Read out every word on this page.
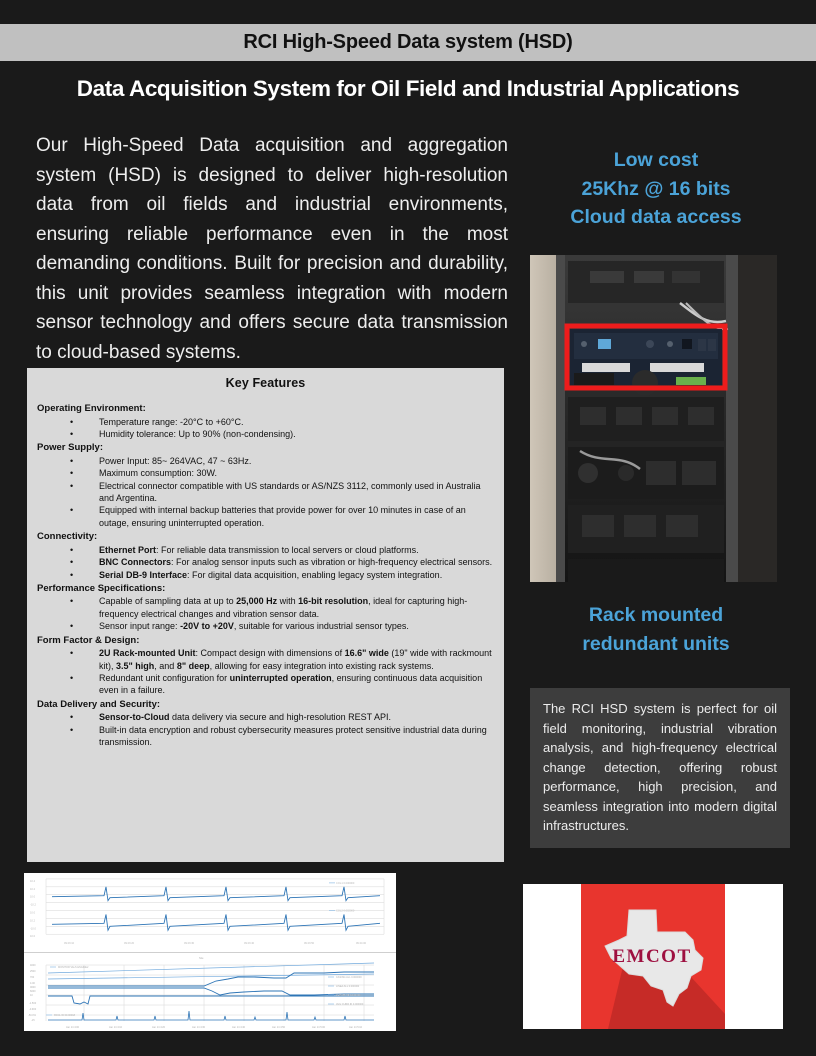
RCI High-Speed Data system (HSD)
Data Acquisition System for Oil Field and Industrial Applications
Our High-Speed Data acquisition and aggregation system (HSD) is designed to deliver high-resolution data from oil fields and industrial environments, ensuring reliable performance even in the most demanding conditions. Built for precision and durability, this unit provides seamless integration with modern sensor technology and offers secure data transmission to cloud-based systems.
Key Features
Operating Environment:
•	Temperature range: -20°C to +60°C.
•	Humidity tolerance: Up to 90% (non-condensing).
Power Supply:
•	Power Input: 85~ 264VAC, 47 ~ 63Hz.
•	Maximum consumption: 30W.
•	Electrical connector compatible with US standards or AS/NZS 3112, commonly used in Australia and Argentina.
•	Equipped with internal backup batteries that provide power for over 10 minutes in case of an outage, ensuring uninterrupted operation.
Connectivity:
•	Ethernet Port: For reliable data transmission to local servers or cloud platforms.
•	BNC Connectors: For analog sensor inputs such as vibration or high-frequency electrical sensors.
•	Serial DB-9 Interface: For digital data acquisition, enabling legacy system integration.
Performance Specifications:
•	Capable of sampling data at up to 25,000 Hz with 16-bit resolution, ideal for capturing high-frequency electrical changes and vibration sensor data.
•	Sensor input range: -20V to +20V, suitable for various industrial sensor types.
Form Factor & Design:
•	2U Rack-mounted Unit: Compact design with dimensions of 16.6" wide (19" wide with rackmount kit), 3.5" high, and 8" deep, allowing for easy integration into existing rack systems.
•	Redundant unit configuration for uninterrupted operation, ensuring continuous data acquisition even in a failure.
Data Delivery and Security:
•	Sensor-to-Cloud data delivery via secure and high-resolution REST API.
•	Built-in data encryption and robust cybersecurity measures protect sensitive industrial data during transmission.
10.4
10.2
10.0
-10.2
10.0
10.2
-10.0
10.0
09:23:10	09:23:20	09:23:30	09:23:40	09:23:50	09:24:00
COL1 0.000000
COL2 0.002000
Site
4000
2500
700
4.00
0000
6000
10
-1.500
-0.900
-50.0%
-15
Jan 14 4:00	Jan 14 4:10	Jan 14 4:20	Jan 14 4:30	Jan 14 4:40	Jan 14 4:50	Jan 14 5:00	Jan 14 5:10
MONITOR VALS ENGINE2
CASING ALL 0.000000
LINEA ALL 0.000000
SURVEY ID 0.000000
AVG CURR ID 0.000000
RCCL ID 00.00018
Low cost
25Khz @ 16 bits
Cloud data access
Rack mounted
redundant units
The RCI HSD system is perfect for oil field monitoring, industrial vibration analysis, and high-frequency electrical change detection, offering robust performance, high precision, and seamless integration into modern digital infrastructures.
EMCOT
